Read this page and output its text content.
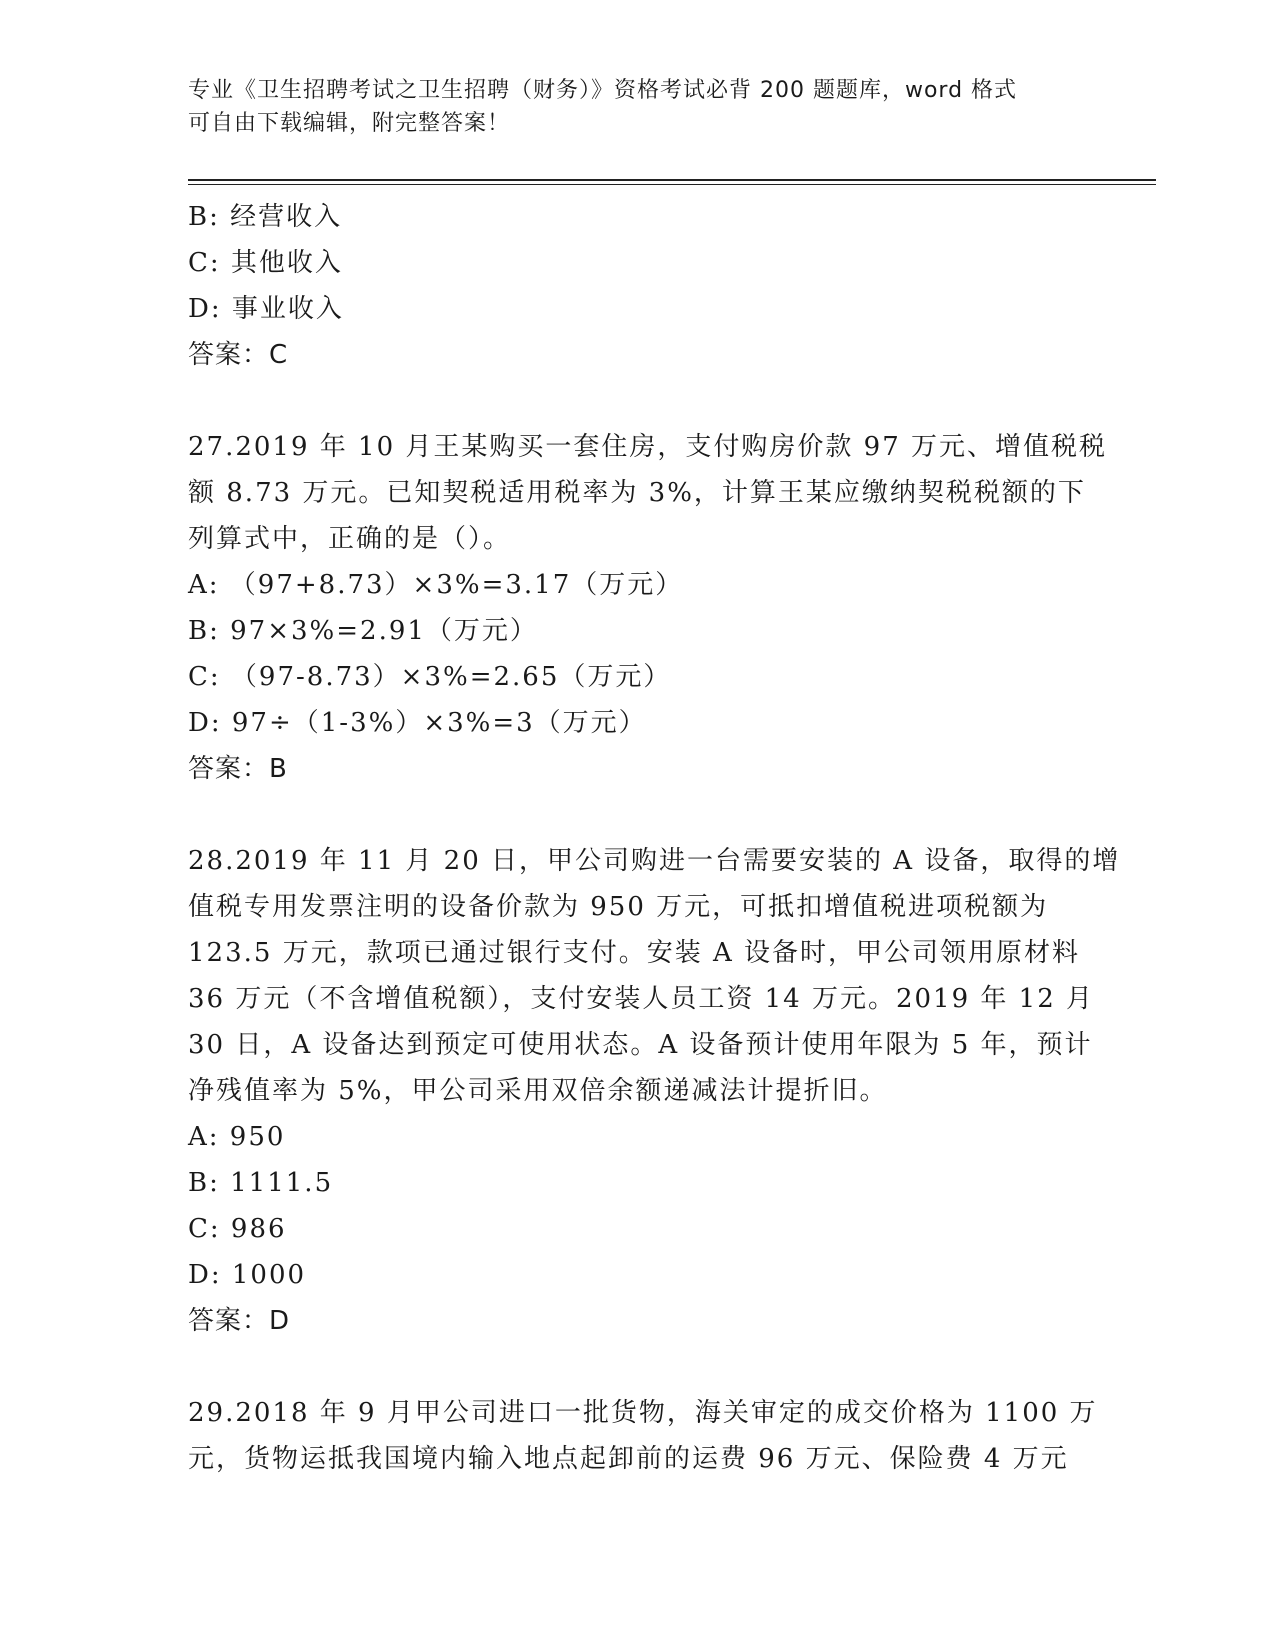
专业《卫生招聘考试之卫生招聘（财务）》资格考试必背 200 题题库，word 格式
可自由下载编辑，附完整答案！
B: 经营收入
C: 其他收入
D: 事业收入
答案：C
27.2019 年 10 月王某购买一套住房，支付购房价款 97 万元、增值税税
额 8.73 万元。已知契税适用税率为 3%，计算王某应缴纳契税税额的下
列算式中，正确的是（）。
A: （97+8.73）×3%=3.17（万元）
B: 97×3%=2.91（万元）
C: （97-8.73）×3%=2.65（万元）
D: 97÷（1-3%）×3%=3（万元）
答案：B
28.2019 年 11 月 20 日，甲公司购进一台需要安装的 A 设备，取得的增
值税专用发票注明的设备价款为 950 万元，可抵扣增值税进项税额为
123.5 万元，款项已通过银行支付。安装 A 设备时，甲公司领用原材料
36 万元（不含增值税额），支付安装人员工资 14 万元。2019 年 12 月
30 日，A 设备达到预定可使用状态。A 设备预计使用年限为 5 年，预计
净残值率为 5%，甲公司采用双倍余额递减法计提折旧。
A: 950
B: 1111.5
C: 986
D: 1000
答案：D
29.2018 年 9 月甲公司进口一批货物，海关审定的成交价格为 1100 万
元，货物运抵我国境内输入地点起卸前的运费 96 万元、保险费 4 万元
